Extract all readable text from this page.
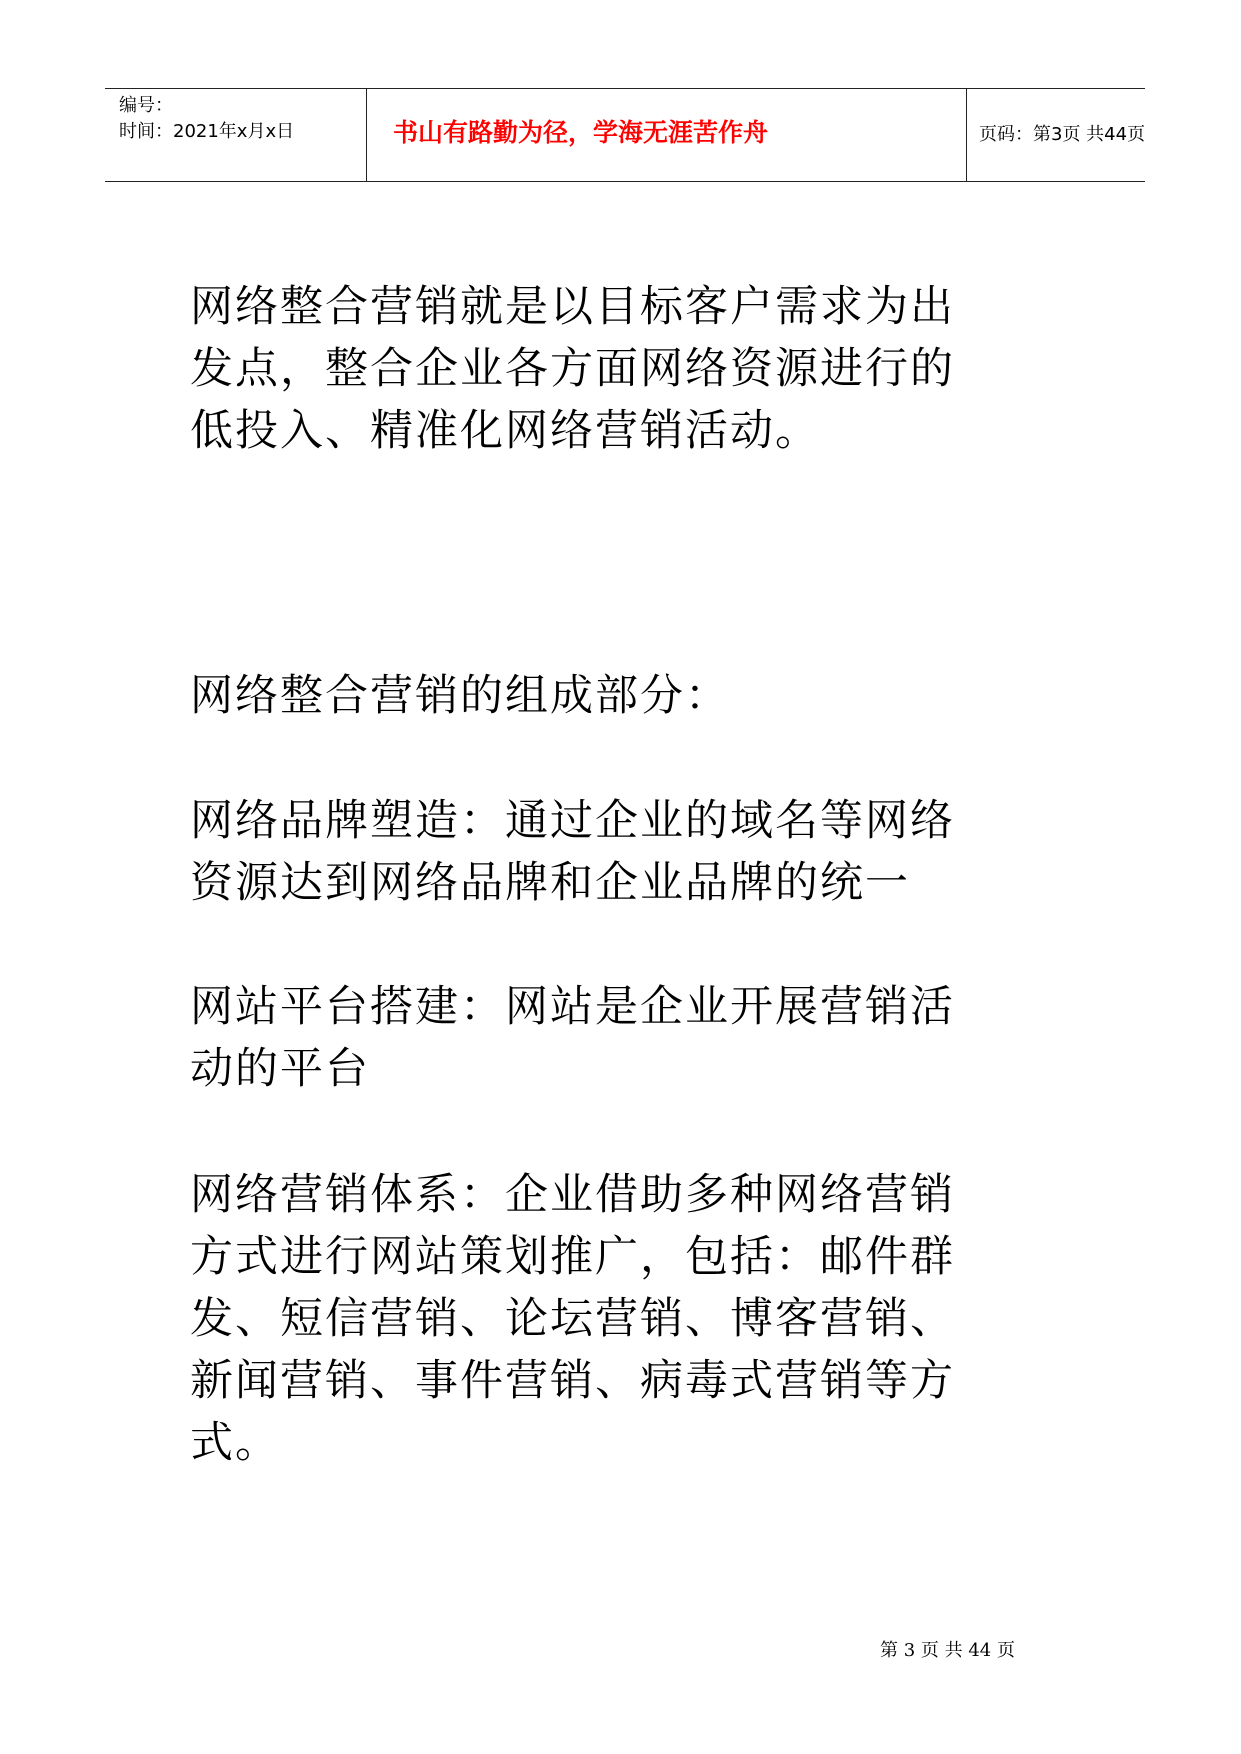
编号：
时间：2021年x月x日	书山有路勤为径，学海无涯苦作舟	页码：第3页 共44页

网络整合营销就是以目标客户需求为出

发点，整合企业各方面网络资源进行的

低投入、精准化网络营销活动。

网络整合营销的组成部分：

网络品牌塑造：通过企业的域名等网络

资源达到网络品牌和企业品牌的统一

网站平台搭建：网站是企业开展营销活

动的平台

网络营销体系：企业借助多种网络营销

方式进行网站策划推广，包括：邮件群

发、短信营销、论坛营销、博客营销、

新闻营销、事件营销、病毒式营销等方

式。

第 3 页 共 44 页
